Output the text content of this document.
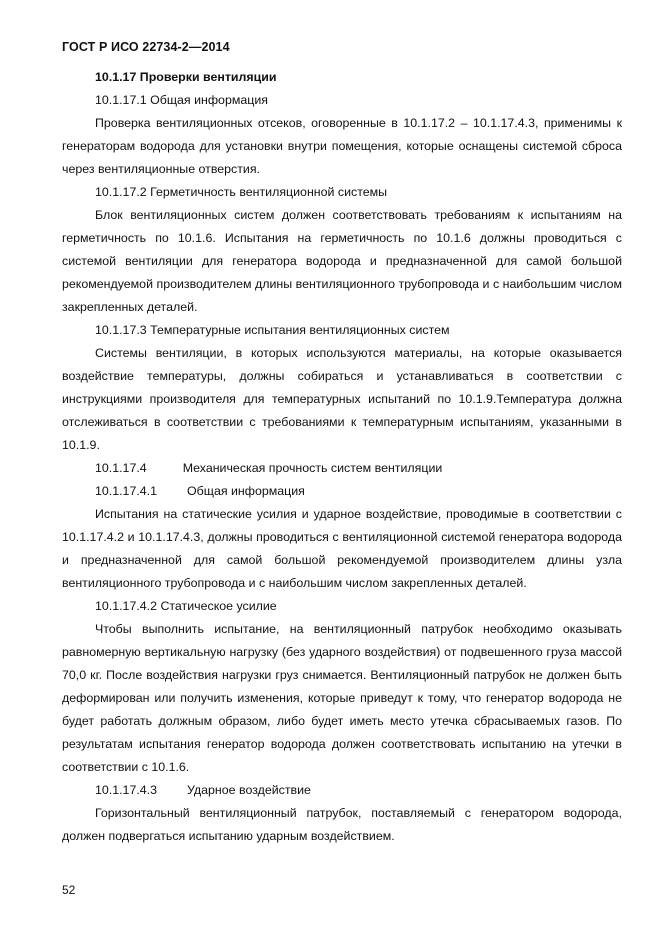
ГОСТ Р ИСО 22734-2—2014

10.1.17 Проверки вентиляции

10.1.17.1 Общая информация

Проверка вентиляционных отсеков, оговоренные в 10.1.17.2 – 10.1.17.4.3, применимы к генераторам водорода для установки внутри помещения, которые оснащены системой сброса через вентиляционные отверстия.

10.1.17.2 Герметичность вентиляционной системы

Блок вентиляционных систем должен соответствовать требованиям к испытаниям на герметичность по 10.1.6. Испытания на герметичность по 10.1.6 должны проводиться с системой вентиляции для генератора водорода и предназначенной для самой большой рекомендуемой производителем длины вентиляционного трубопровода и с наибольшим числом закрепленных деталей.

10.1.17.3 Температурные испытания вентиляционных систем

Системы вентиляции, в которых используются материалы, на которые оказывается воздействие температуры, должны собираться и устанавливаться в соответствии с инструкциями производителя для температурных испытаний по 10.1.9.Температура должна отслеживаться в соответствии с требованиями к температурным испытаниям, указанными в 10.1.9.

10.1.17.4	Механическая прочность систем вентиляции

10.1.17.4.1 Общая информация

Испытания на статические усилия и ударное воздействие, проводимые в соответствии с 10.1.17.4.2 и 10.1.17.4.3, должны проводиться с вентиляционной системой генератора водорода и предназначенной для самой большой рекомендуемой производителем длины узла вентиляционного трубопровода и с наибольшим числом закрепленных деталей.

10.1.17.4.2 Статическое усилие

Чтобы выполнить испытание, на вентиляционный патрубок необходимо оказывать равномерную вертикальную нагрузку (без ударного воздействия) от подвешенного груза массой 70,0 кг. После воздействия нагрузки груз снимается. Вентиляционный патрубок не должен быть деформирован или получить изменения, которые приведут к тому, что генератор водорода не будет работать должным образом, либо будет иметь место утечка сбрасываемых газов. По результатам испытания генератор водорода должен соответствовать испытанию на утечки в соответствии с 10.1.6.

10.1.17.4.3 Ударное воздействие

Горизонтальный вентиляционный патрубок, поставляемый с генератором водорода, должен подвергаться испытанию ударным воздействием.

52
